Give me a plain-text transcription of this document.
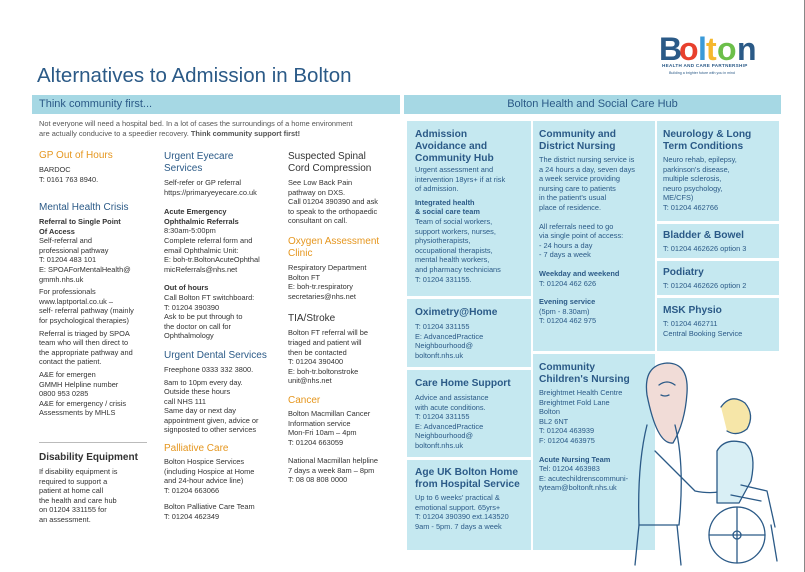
B
o l t o n
HEALTH AND CARE PARTNERSHIP
Building a brighter future with you in mind
Alternatives to Admission in Bolton
Think community first...	Bolton Health and Social Care Hub
Not everyone will need a hospital bed. In a lot of cases the surroundings of a home environment
are actually conducive to a speedier recovery. Think community support first!
GP Out of Hours
BARDOC
T: 0161 763 8940.
Mental Health Crisis
Referral to Single Point
Of Access
Self-referral and
professional pathway
T: 01204 483 101
E: SPOAForMentalHealth@
gmmh.nhs.uk
For professionals
www.laptportal.co.uk –
self- referral pathway (mainly
for psychological therapies)
Referral is triaged by SPOA
team who will then direct to
the appropriate pathway and
contact the patient.
A&E for emergen
GMMH Helpline number
0800 953 0285
A&E for emergency / crisis
Assessments by MHLS
Disability Equipment
If disability equipment is
required to support a
patient at home call
the health and care hub
on 01204 331155 for
an assessment.
Urgent Eyecare
Services
Self-refer or GP referral
https://primaryeyecare.co.uk
Acute Emergency
Ophthalmic Referrals
8:30am-5:00pm
Complete referral form and
email Ophthalmic Unit:
E: boh-tr.BoltonAcuteOphthal
micReferrals@nhs.net
Out of hours
Call Bolton FT switchboard:
T: 01204 390390
Ask to be put through to
the doctor on call for
Ophthalmology
Urgent Dental Services
Freephone 0333 332 3800.
8am to 10pm every day.
Outside these hours
call NHS 111
Same day or next day
appointment given, advice or
signposted to other services
Palliative Care
Bolton Hospice Services
(including Hospice at Home
and 24-hour advice line)
T: 01204 663066
Bolton Palliative Care Team
T: 01204 462349
Suspected Spinal
Cord Compression
See Low Back Pain
pathway on DXS.
Call 01204 390390 and ask
to speak to the orthopaedic
consultant on call.
Oxygen Assessment
Clinic
Respiratory Department
Bolton FT
E: boh-tr.respiratory
secretaries@nhs.net
TIA/Stroke
Bolton FT referral will be
triaged and patient will
then be contacted
T: 01204 390400
E: boh-tr.boltonstroke
unit@nhs.net
Cancer
Bolton Macmillan Cancer
Information service
Mon-Fri 10am – 4pm
T: 01204 663059
National Macmillan helpline
7 days a week 8am – 8pm
T: 08 08 808 0000
Admission
Avoidance and
Community Hub
Urgent assessment and
intervention 18yrs+ if at risk
of admission.
Integrated health
& social care team
Team of social workers,
support workers, nurses,
physiotherapists,
occupational therapists,
mental health workers,
and pharmacy technicians
T: 01204 331155.
Oximetry@Home
T: 01204 331155
E: AdvancedPractice
Neighbourhood@
boltonft.nhs.uk
Care Home Support
Advice and assistance
with acute conditions.
T: 01204 331155
E: AdvancedPractice
Neighbourhood@
boltonft.nhs.uk
Age UK Bolton Home
from Hospital Service
Up to 6 weeks' practical &
emotional support. 65yrs+
T: 01204 390390 ext.143520
9am - 5pm. 7 days a week
Community and
District Nursing
The district nursing service is
a 24 hours a day, seven days
a week service providing
nursing care to patients
in the patient's usual
place of residence.
All referrals need to go
via single point of access:
- 24 hours a day
- 7 days a week
Weekday and weekend
T: 01204 462 626
Evening service
(5pm - 8.30am)
T: 01204 462 975
Community
Children's Nursing
Breightmet Health Centre
Breightmet Fold Lane
Bolton
BL2 6NT
T: 01204 463939
F: 01204 463975
Acute Nursing Team
Tel: 01204 463983
E: acutechildrenscommuni-
tyteam@boltonft.nhs.uk
Neurology & Long
Term Conditions
Neuro rehab, epilepsy,
parkinson's disease,
multiple sclerosis,
neuro psychology,
ME/CFS)
T: 01204 462766
Bladder & Bowel
T: 01204 462626 option 3
Podiatry
T: 01204 462626 option 2
MSK Physio
T: 01204 462711
Central Booking Service
